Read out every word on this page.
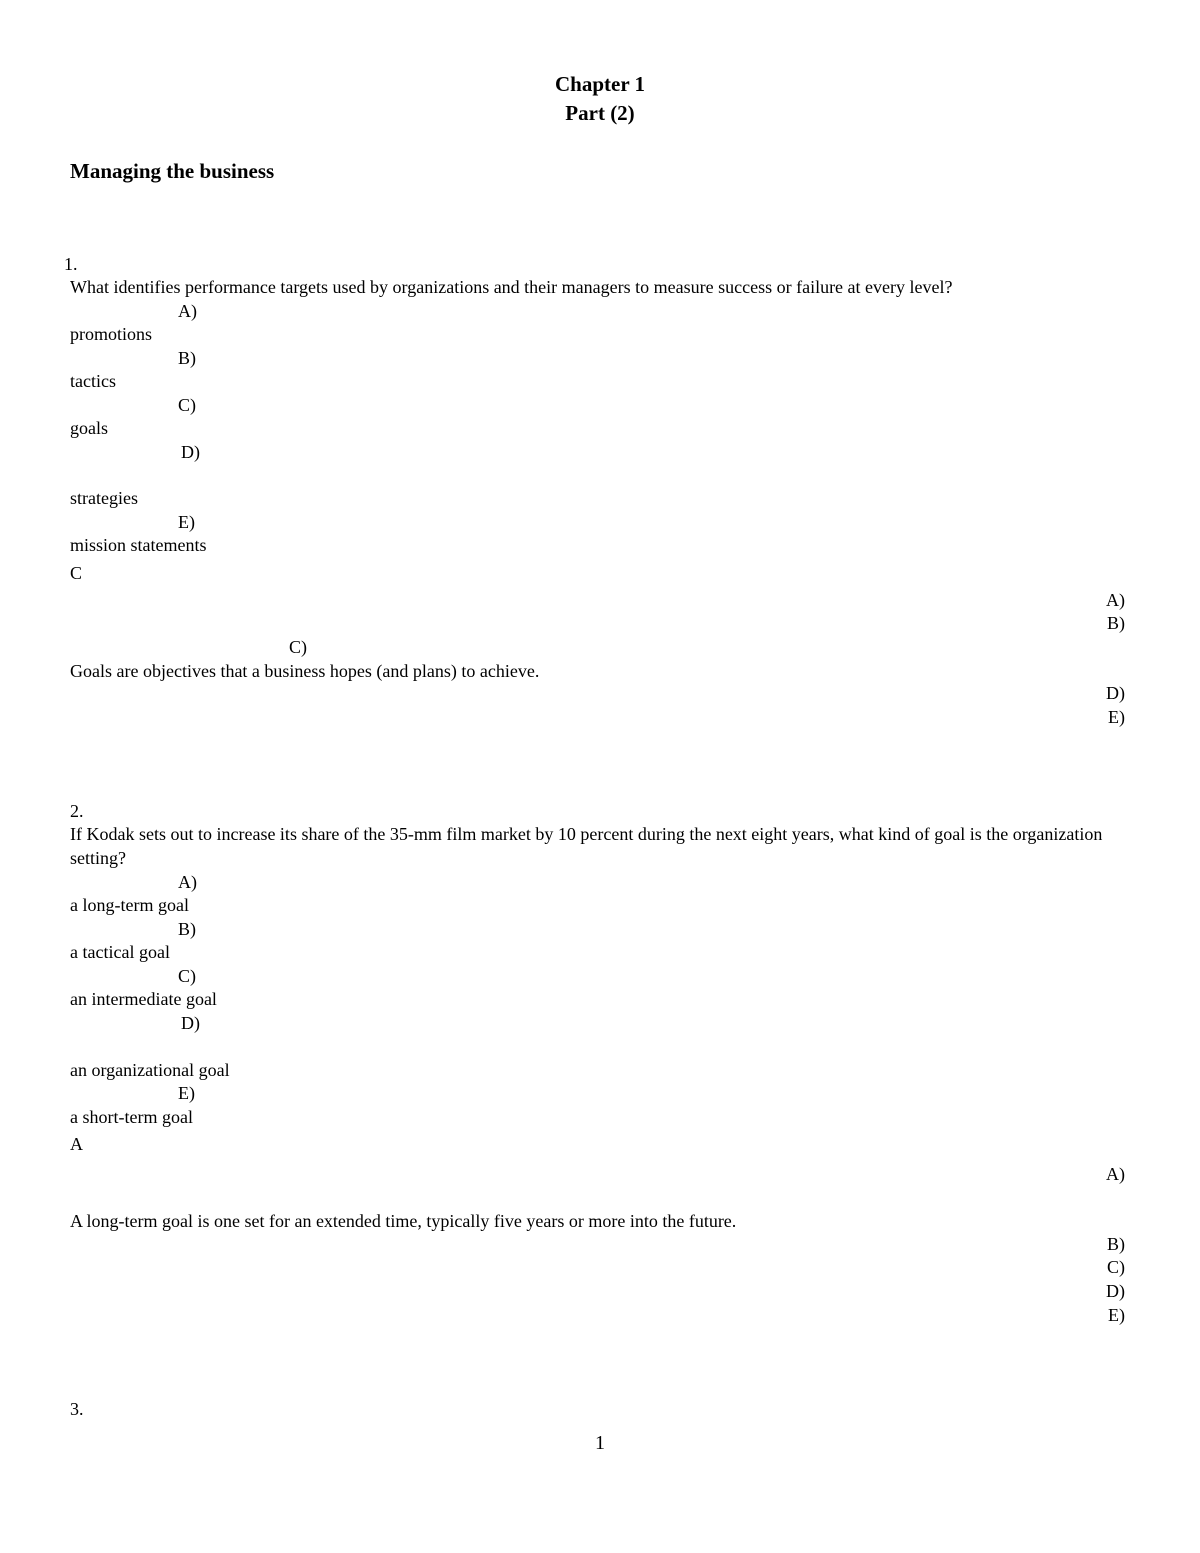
Chapter 1
Part (2)
Managing the business
1.
What identifies performance targets used by organizations and their managers to measure success or failure at every level?
A)
promotions
B)
tactics
C)
goals
D)
strategies
E)
mission statements
C
A)
B)
C)
Goals are objectives that a business hopes (and plans) to achieve.
D)
E)
2.
If Kodak sets out to increase its share of the 35-mm film market by 10 percent during the next eight years, what kind of goal is the organization setting?
A)
a long-term goal
B)
a tactical goal
C)
an intermediate goal
D)
an organizational goal
E)
a short-term goal
A
A)
A long-term goal is one set for an extended time, typically five years or more into the future.
B)
C)
D)
E)
3.
1
